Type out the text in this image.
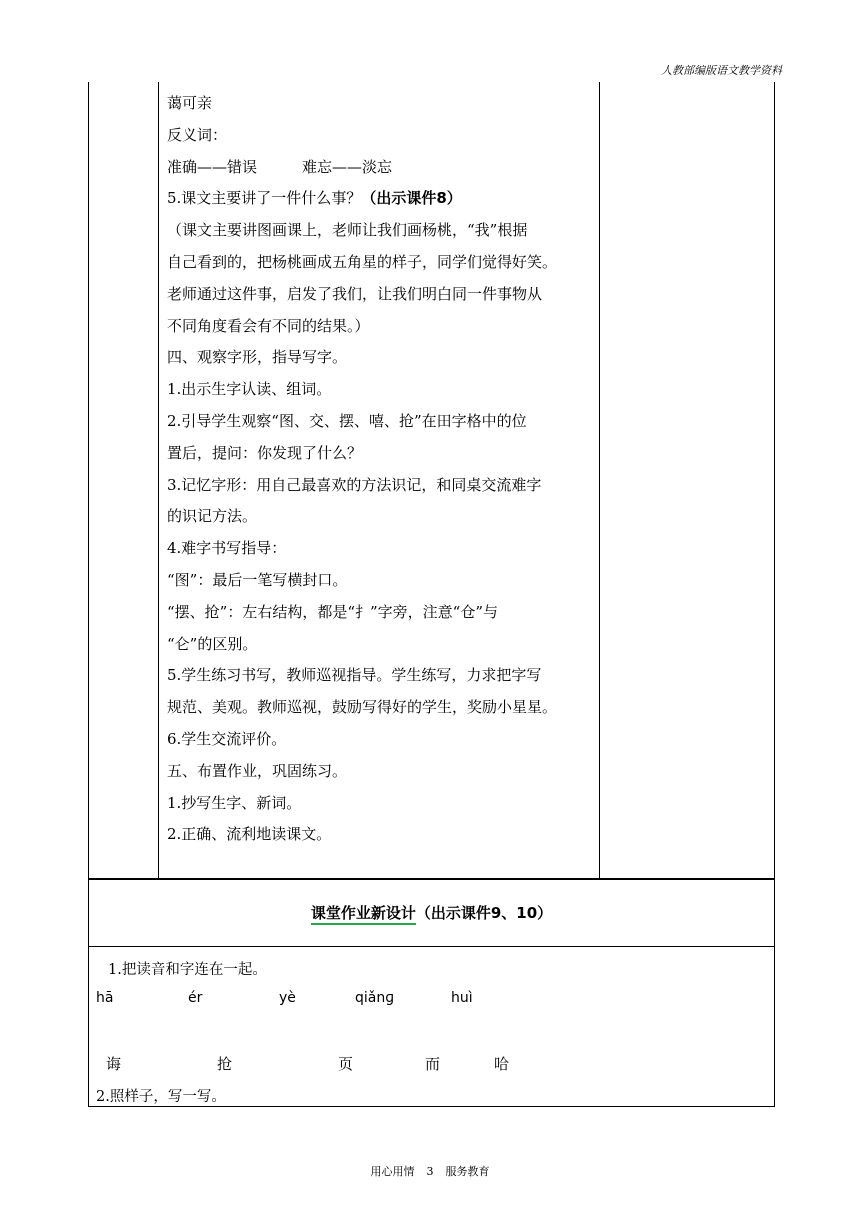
人教部编版语文教学资料
蔼可亲
反义词：
准确——错误　　　难忘——淡忘
5.课文主要讲了一件什么事？（出示课件8）
（课文主要讲图画课上，老师让我们画杨桃，“我”根据
自己看到的，把杨桃画成五角星的样子，同学们觉得好笑。
老师通过这件事，启发了我们，让我们明白同一件事物从
不同角度看会有不同的结果。）
四、观察字形，指导写字。
1.出示生字认读、组词。
2.引导学生观察“图、交、摆、嘻、抢”在田字格中的位
置后，提问：你发现了什么？
3.记忆字形：用自己最喜欢的方法识记，和同桌交流难字
的识记方法。
4.难字书写指导：
“图”：最后一笔写横封口。
“摆、抢”：左右结构，都是“扌”字旁，注意“仓”与
“仑”的区别。
5.学生练习书写，教师巡视指导。学生练写，力求把字写
规范、美观。教师巡视，鼓励写得好的学生，奖励小星星。
6.学生交流评价。
五、布置作业，巩固练习。
1.抄写生字、新词。
2.正确、流利地读课文。
课堂作业新设计（出示课件9、10）
1.把读音和字连在一起。
hā	ér	yè	qiǎnɡ	huì
诲	抢	页	而	哈
2.照样子，写一写。
用心用情 3 服务教育
